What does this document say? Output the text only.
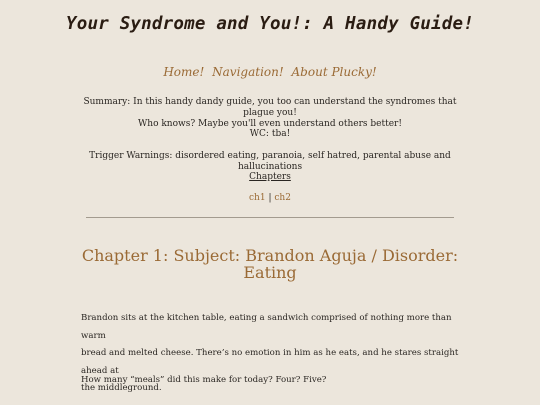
Your Syndrome and You!: A Handy Guide!
Home! Navigation! About Plucky!
Summary: In this handy dandy guide, you too can understand the syndromes that plague you!
Who knows? Maybe you'll even understand others better!
WC: tba!
Trigger Warnings: disordered eating, paranoia, self hatred, parental abuse and hallucinations
Chapters
ch1 | ch2
Chapter 1: Subject: Brandon Aguja / Disorder:
Eating
Brandon sits at the kitchen table, eating a sandwich comprised of nothing more than warm
bread and melted cheese. There’s no emotion in him as he eats, and he stares straight ahead at
the middleground.
How many “meals” did this make for today? Four? Five?
